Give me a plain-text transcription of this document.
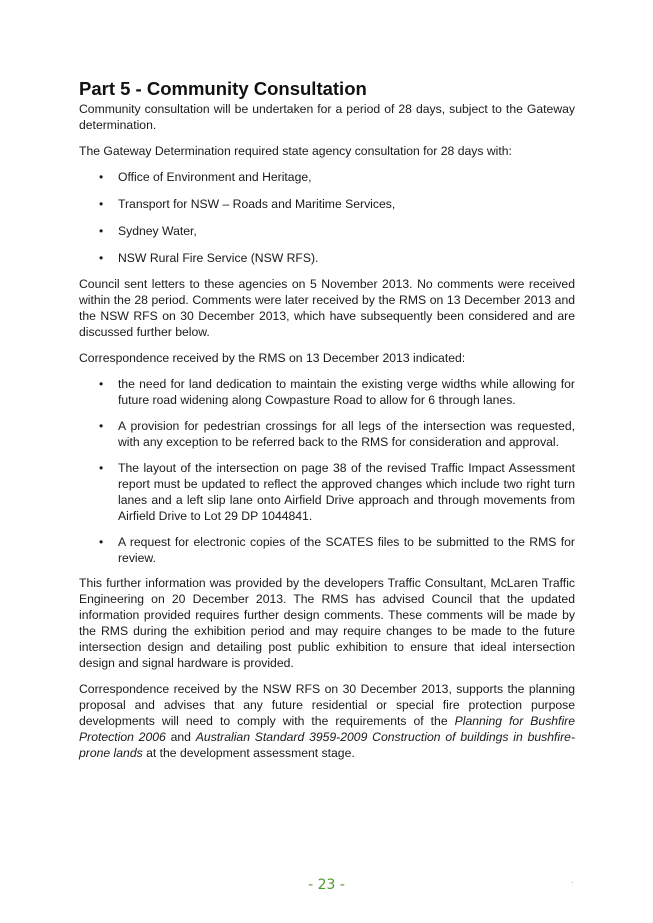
Part 5 - Community Consultation

Community consultation will be undertaken for a period of 28 days, subject to the Gateway determination.

The Gateway Determination required state agency consultation for 28 days with:

• Office of Environment and Heritage,
• Transport for NSW – Roads and Maritime Services,
• Sydney Water,
• NSW Rural Fire Service (NSW RFS).

Council sent letters to these agencies on 5 November 2013. No comments were received within the 28 period. Comments were later received by the RMS on 13 December 2013 and the NSW RFS on 30 December 2013, which have subsequently been considered and are discussed further below.

Correspondence received by the RMS on 13 December 2013 indicated:

• the need for land dedication to maintain the existing verge widths while allowing for future road widening along Cowpasture Road to allow for 6 through lanes.
• A provision for pedestrian crossings for all legs of the intersection was requested, with any exception to be referred back to the RMS for consideration and approval.
• The layout of the intersection on page 38 of the revised Traffic Impact Assessment report must be updated to reflect the approved changes which include two right turn lanes and a left slip lane onto Airfield Drive approach and through movements from Airfield Drive to Lot 29 DP 1044841.
• A request for electronic copies of the SCATES files to be submitted to the RMS for review.

This further information was provided by the developers Traffic Consultant, McLaren Traffic Engineering on 20 December 2013. The RMS has advised Council that the updated information provided requires further design comments. These comments will be made by the RMS during the exhibition period and may require changes to be made to the future intersection design and detailing post public exhibition to ensure that ideal intersection design and signal hardware is provided.

Correspondence received by the NSW RFS on 30 December 2013, supports the planning proposal and advises that any future residential or special fire protection purpose developments will need to comply with the requirements of the Planning for Bushfire Protection 2006 and Australian Standard 3959-2009 Construction of buildings in bushfire-prone lands at the development assessment stage.

- 23 -	·
